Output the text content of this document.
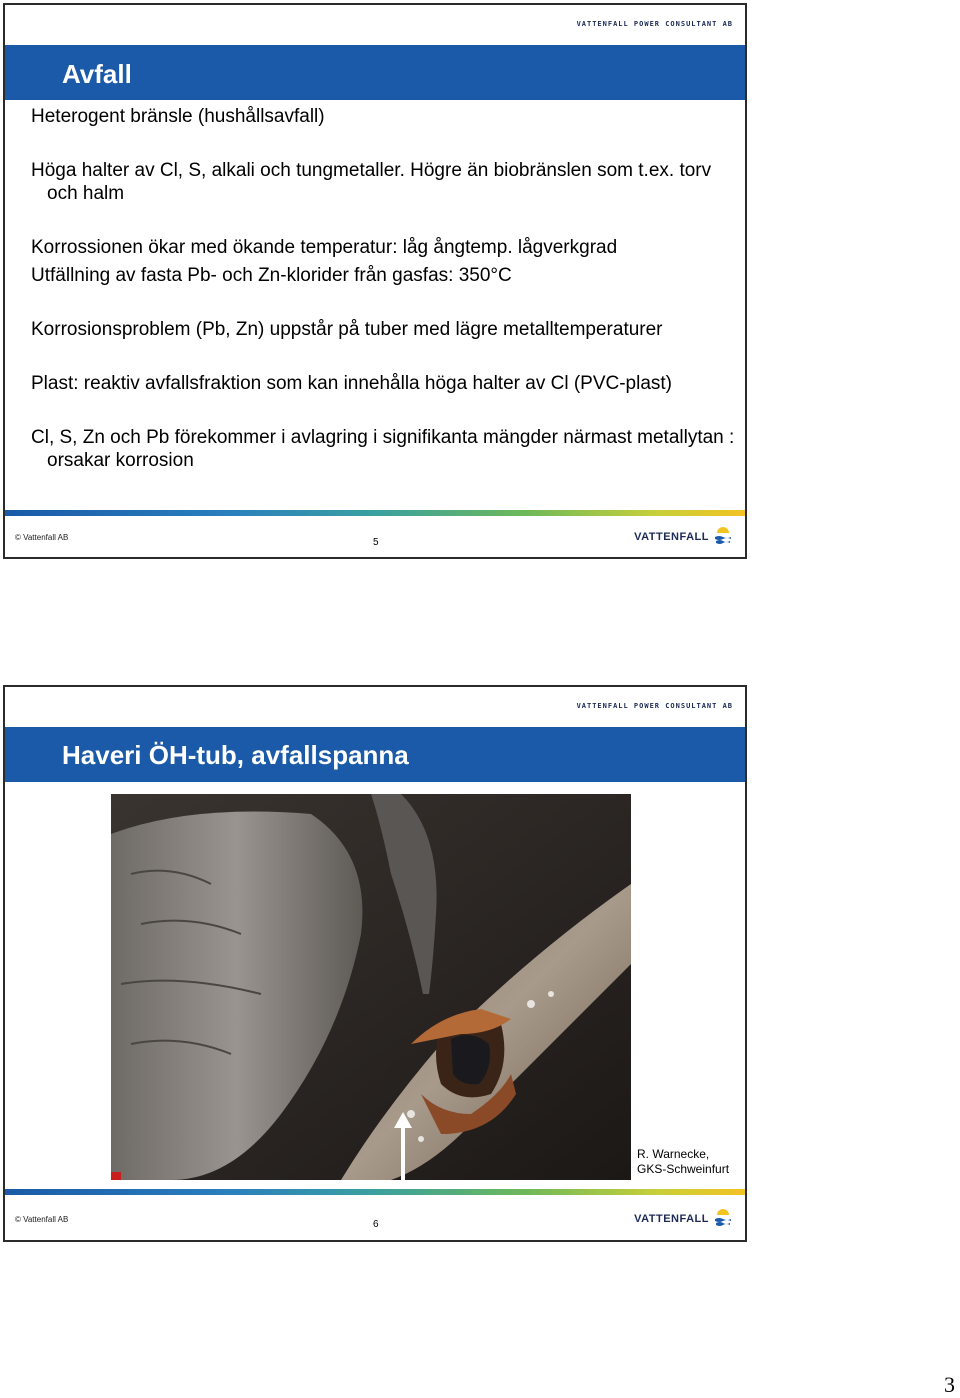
VATTENFALL POWER CONSULTANT AB
Avfall

Heterogent bränsle (hushållsavfall)

Höga halter av Cl, S, alkali och tungmetaller. Högre än biobränslen som t.ex. torv och halm

Korrossionen ökar med ökande temperatur: låg ångtemp. lågverkgrad

Utfällning av fasta Pb- och Zn-klorider från gasfas: 350°C

Korrosionsproblem (Pb, Zn) uppstår på tuber med lägre metalltemperaturer

Plast: reaktiv avfallsfraktion som kan innehålla höga halter av Cl (PVC-plast)

Cl, S, Zn och Pb förekommer i avlagring i signifikanta mängder närmast metallytan : orsakar korrosion

© Vattenfall AB	5	VATTENFALL
VATTENFALL POWER CONSULTANT AB
Haveri ÖH-tub, avfallspanna
R. Warnecke,
GKS-Schweinfurt
© Vattenfall AB	6	VATTENFALL
3
